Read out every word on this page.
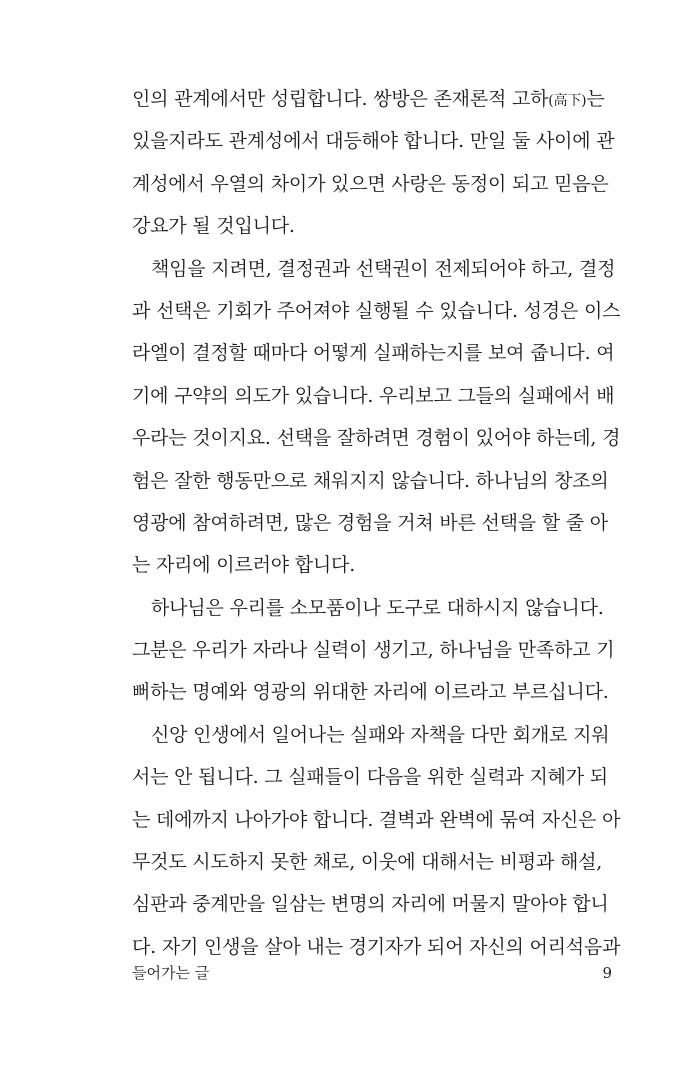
인의 관계에서만 성립합니다. 쌍방은 존재론적 고하(高下)는
있을지라도 관계성에서 대등해야 합니다. 만일 둘 사이에 관
계성에서 우열의 차이가 있으면 사랑은 동정이 되고 믿음은
강요가 될 것입니다.
책임을 지려면, 결정권과 선택권이 전제되어야 하고, 결정
과 선택은 기회가 주어져야 실행될 수 있습니다. 성경은 이스
라엘이 결정할 때마다 어떻게 실패하는지를 보여 줍니다. 여
기에 구약의 의도가 있습니다. 우리보고 그들의 실패에서 배
우라는 것이지요. 선택을 잘하려면 경험이 있어야 하는데, 경
험은 잘한 행동만으로 채워지지 않습니다. 하나님의 창조의
영광에 참여하려면, 많은 경험을 거쳐 바른 선택을 할 줄 아
는 자리에 이르러야 합니다.
하나님은 우리를 소모품이나 도구로 대하시지 않습니다.
그분은 우리가 자라나 실력이 생기고, 하나님을 만족하고 기
뻐하는 명예와 영광의 위대한 자리에 이르라고 부르십니다.
신앙 인생에서 일어나는 실패와 자책을 다만 회개로 지워
서는 안 됩니다. 그 실패들이 다음을 위한 실력과 지혜가 되
는 데에까지 나아가야 합니다. 결벽과 완벽에 묶여 자신은 아
무것도 시도하지 못한 채로, 이웃에 대해서는 비평과 해설,
심판과 중계만을 일삼는 변명의 자리에 머물지 말아야 합니
다. 자기 인생을 살아 내는 경기자가 되어 자신의 어리석음과
들어가는 글	9
